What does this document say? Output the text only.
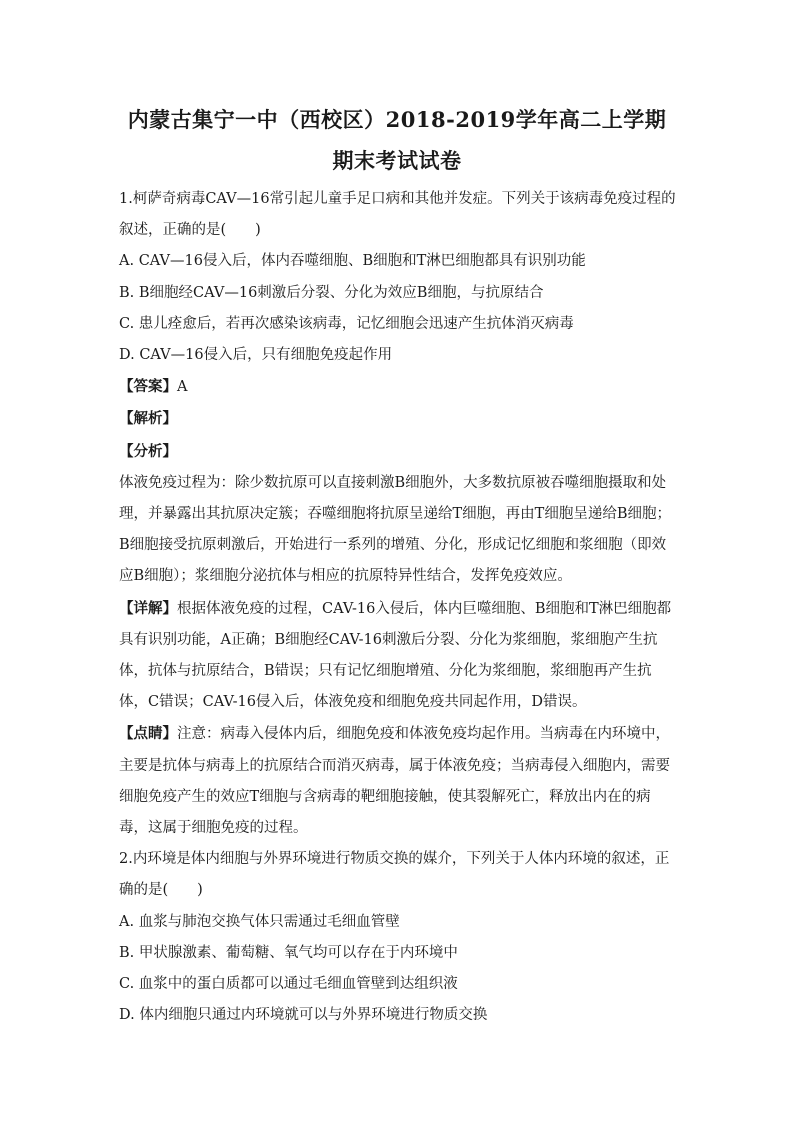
内蒙古集宁一中（西校区）2018-2019学年高二上学期
期末考试试卷

1.柯萨奇病毒CAV—16常引起儿童手足口病和其他并发症。下列关于该病毒免疫过程的叙述，正确的是(　　)

A. CAV—16侵入后，体内吞噬细胞、B细胞和T淋巴细胞都具有识别功能

B. B细胞经CAV—16刺激后分裂、分化为效应B细胞，与抗原结合

C. 患儿痊愈后，若再次感染该病毒，记忆细胞会迅速产生抗体消灭病毒

D. CAV—16侵入后，只有细胞免疫起作用

【答案】A

【解析】

【分析】

体液免疫过程为：除少数抗原可以直接刺激B细胞外，大多数抗原被吞噬细胞摄取和处理，并暴露出其抗原决定簇；吞噬细胞将抗原呈递给T细胞，再由T细胞呈递给B细胞；B细胞接受抗原刺激后，开始进行一系列的增殖、分化，形成记忆细胞和浆细胞（即效应B细胞）；浆细胞分泌抗体与相应的抗原特异性结合，发挥免疫效应。

【详解】根据体液免疫的过程，CAV-16入侵后，体内巨噬细胞、B细胞和T淋巴细胞都具有识别功能，A正确；B细胞经CAV-16刺激后分裂、分化为浆细胞，浆细胞产生抗体，抗体与抗原结合，B错误；只有记忆细胞增殖、分化为浆细胞，浆细胞再产生抗体，C错误；CAV-16侵入后，体液免疫和细胞免疫共同起作用，D错误。

【点睛】注意：病毒入侵体内后，细胞免疫和体液免疫均起作用。当病毒在内环境中，主要是抗体与病毒上的抗原结合而消灭病毒，属于体液免疫；当病毒侵入细胞内，需要细胞免疫产生的效应T细胞与含病毒的靶细胞接触，使其裂解死亡，释放出内在的病毒，这属于细胞免疫的过程。

2.内环境是体内细胞与外界环境进行物质交换的媒介，下列关于人体内环境的叙述，正确的是(　　)

A. 血浆与肺泡交换气体只需通过毛细血管壁

B. 甲状腺激素、葡萄糖、氧气均可以存在于内环境中

C. 血浆中的蛋白质都可以通过毛细血管壁到达组织液

D. 体内细胞只通过内环境就可以与外界环境进行物质交换
